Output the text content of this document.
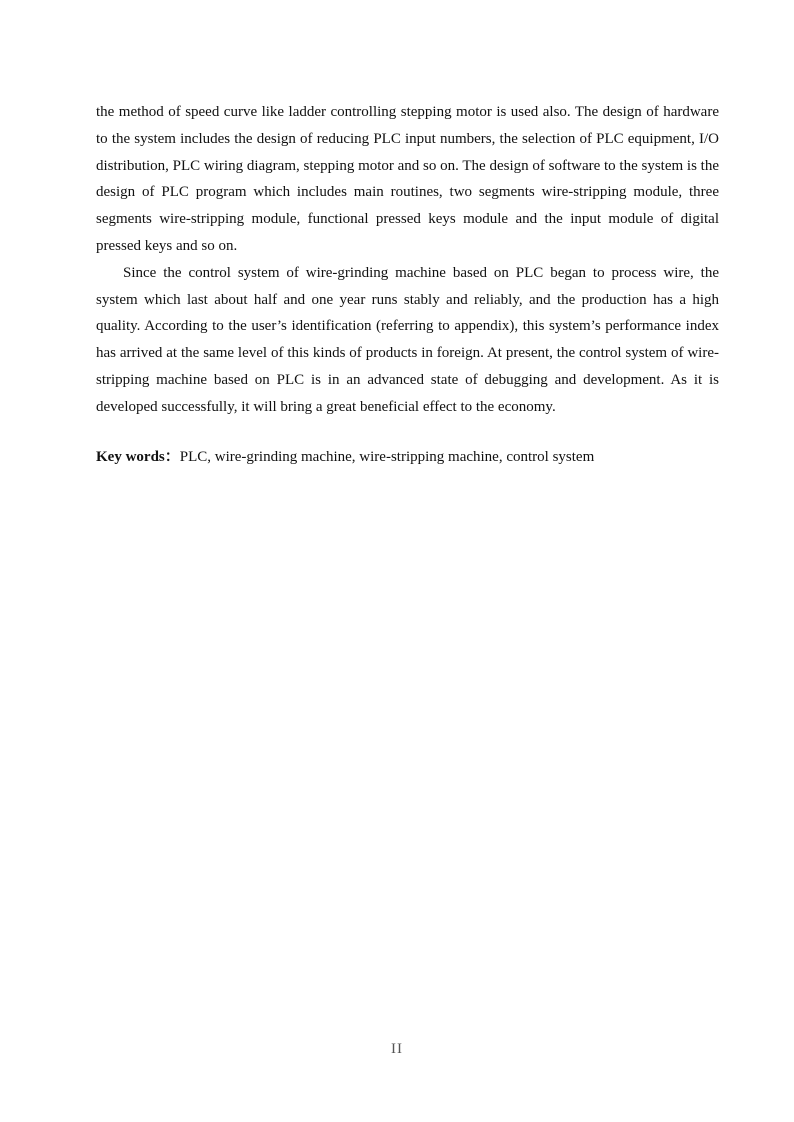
the method of speed curve like ladder controlling stepping motor is used also. The design of hardware to the system includes the design of reducing PLC input numbers, the selection of PLC equipment, I/O distribution, PLC wiring diagram, stepping motor and so on. The design of software to the system is the design of PLC program which includes main routines, two segments wire-stripping module, three segments wire-stripping module, functional pressed keys module and the input module of digital pressed keys and so on.

Since the control system of wire-grinding machine based on PLC began to process wire, the system which last about half and one year runs stably and reliably, and the production has a high quality. According to the user’s identification (referring to appendix), this system’s performance index has arrived at the same level of this kinds of products in foreign. At present, the control system of wire-stripping machine based on PLC is in an advanced state of debugging and development. As it is developed successfully, it will bring a great beneficial effect to the economy.

Key words：PLC, wire-grinding machine, wire-stripping machine, control system

II
